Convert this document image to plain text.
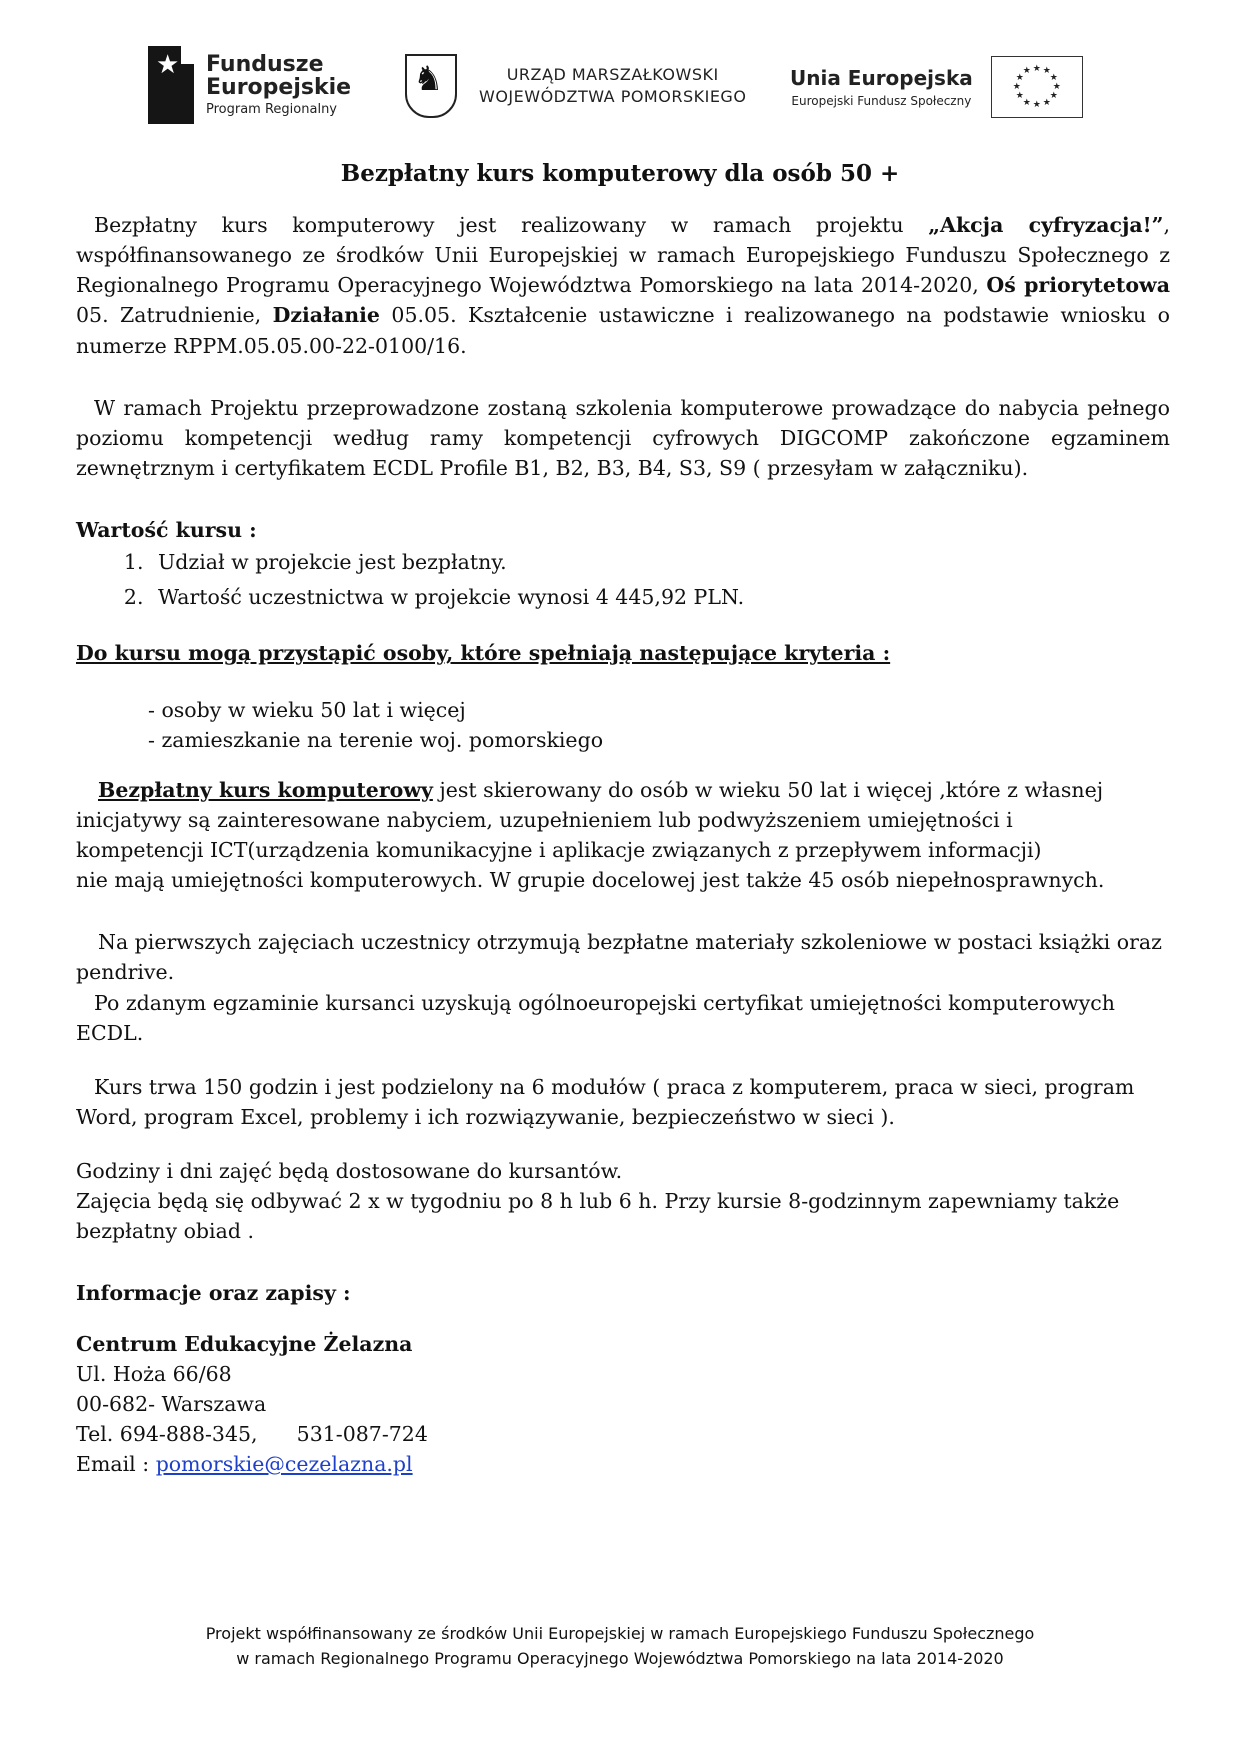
★ Fundusze
Europejskie
Program Regionalny
♞	URZĄD MARSZAŁKOWSKI
WOJEWÓDZTWA POMORSKIEGO
Unia Europejska
Europejski Fundusz Społeczny
★ ★
★
★
★
★
★
★
★
★
★
★
Bezpłatny kurs komputerowy dla osób 50 +

Bezpłatny kurs komputerowy jest realizowany w ramach projektu „Akcja cyfryzacja!”, współfinansowanego ze środków Unii Europejskiej w ramach Europejskiego Funduszu Społecznego z Regionalnego Programu Operacyjnego Województwa Pomorskiego na lata 2014-2020, Oś priorytetowa 05. Zatrudnienie, Działanie 05.05. Kształcenie ustawiczne i realizowanego na podstawie wniosku o numerze RPPM.05.05.00-22-0100/16.

W ramach Projektu przeprowadzone zostaną szkolenia komputerowe prowadzące do nabycia pełnego poziomu kompetencji według ramy kompetencji cyfrowych DIGCOMP zakończone egzaminem zewnętrznym i certyfikatem ECDL Profile B1, B2, B3, B4, S3, S9 ( przesyłam w załączniku).

Wartość kursu :

1. Udział w projekcie jest bezpłatny.
2. Wartość uczestnictwa w projekcie wynosi 4 445,92 PLN.

Do kursu mogą przystąpić osoby, które spełniają następujące kryteria :

- osoby w wieku 50 lat i więcej

- zamieszkanie na terenie woj. pomorskiego

Bezpłatny kurs komputerowy jest skierowany do osób w wieku 50 lat i więcej ,które z własnej

inicjatywy są zainteresowane nabyciem, uzupełnieniem lub podwyższeniem umiejętności i

kompetencji ICT(urządzenia komunikacyjne i aplikacje związanych z przepływem informacji)

nie mają umiejętności komputerowych. W grupie docelowej jest także 45 osób niepełnosprawnych.

Na pierwszych zajęciach uczestnicy otrzymują bezpłatne materiały szkoleniowe w postaci książki oraz pendrive.

Po zdanym egzaminie kursanci uzyskują ogólnoeuropejski certyfikat umiejętności komputerowych ECDL.

Kurs trwa 150 godzin i jest podzielony na 6 modułów ( praca z komputerem, praca w sieci, program Word, program Excel, problemy i ich rozwiązywanie, bezpieczeństwo w sieci ).

Godziny i dni zajęć będą dostosowane do kursantów.

Zajęcia będą się odbywać 2 x w tygodniu po 8 h lub 6 h. Przy kursie 8-godzinnym zapewniamy także bezpłatny obiad .

Informacje oraz zapisy :

Centrum Edukacyjne Żelazna

Ul. Hoża 66/68

00-682- Warszawa

Tel. 694-888-345,      531-087-724

Email : pomorskie@cezelazna.pl

Projekt współfinansowany ze środków Unii Europejskiej w ramach Europejskiego Funduszu Społecznego
w ramach Regionalnego Programu Operacyjnego Województwa Pomorskiego na lata 2014-2020
